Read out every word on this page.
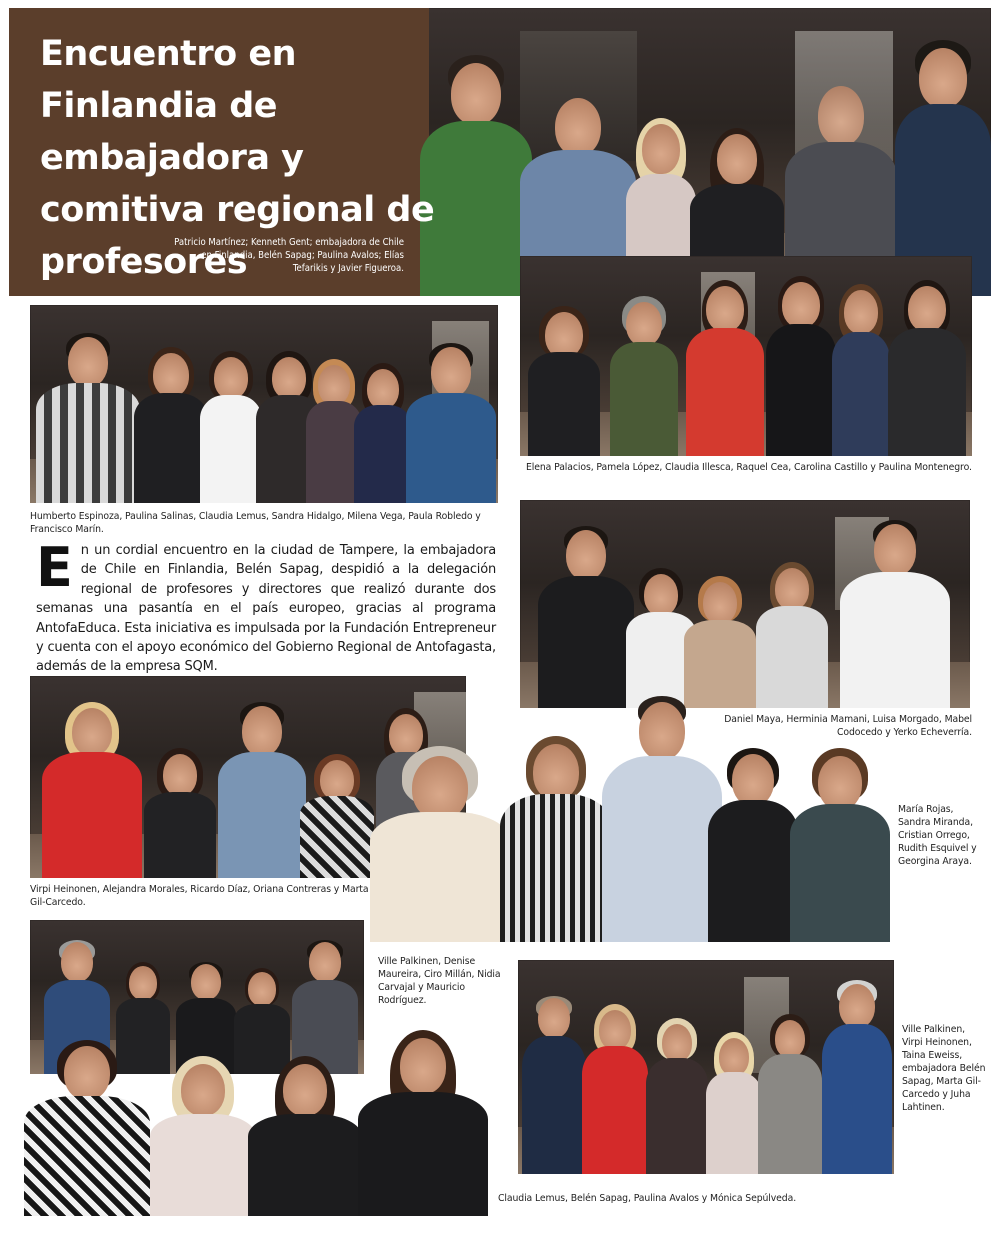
Encuentro en Finlandia de embajadora y comitiva regional de profesores
Patricio Martínez; Kenneth Gent; embajadora de Chile en Finlandia, Belén Sapag; Paulina Avalos; Elías Tefarikis y Javier Figueroa.
Elena Palacios, Pamela López, Claudia Illesca, Raquel Cea, Carolina Castillo y Paulina Montenegro.
Humberto Espinoza, Paulina Salinas, Claudia Lemus, Sandra Hidalgo, Milena Vega, Paula Robledo y Francisco Marín.

En un cordial encuentro en la ciudad de Tampere, la embajadora de Chile en Finlandia, Belén Sapag, despidió a la delegación regional de profesores y directores que realizó durante dos semanas una pasantía en el país europeo, gracias al programa AntofaEduca. Esta iniciativa es impulsada por la Fundación Entrepreneur y cuenta con el apoyo económico del Gobierno Regional de Antofagasta, además de la empresa SQM.

Daniel Maya, Herminia Mamani, Luisa Morgado, Mabel Codocedo y Yerko Echeverría.
Virpi Heinonen, Alejandra Morales, Ricardo Díaz, Oriana Contreras y Marta Gil-Carcedo.
María Rojas, Sandra Miranda, Cristian Orrego, Rudith Esquivel y Georgina Araya.
Ville Palkinen, Denise Maureira, Ciro Millán, Nidia Carvajal y Mauricio Rodríguez.
Ville Palkinen, Virpi Heinonen, Taina Eweiss, embajadora Belén Sapag, Marta Gil-Carcedo y Juha Lahtinen.
Claudia Lemus, Belén Sapag, Paulina Avalos y Mónica Sepúlveda.
